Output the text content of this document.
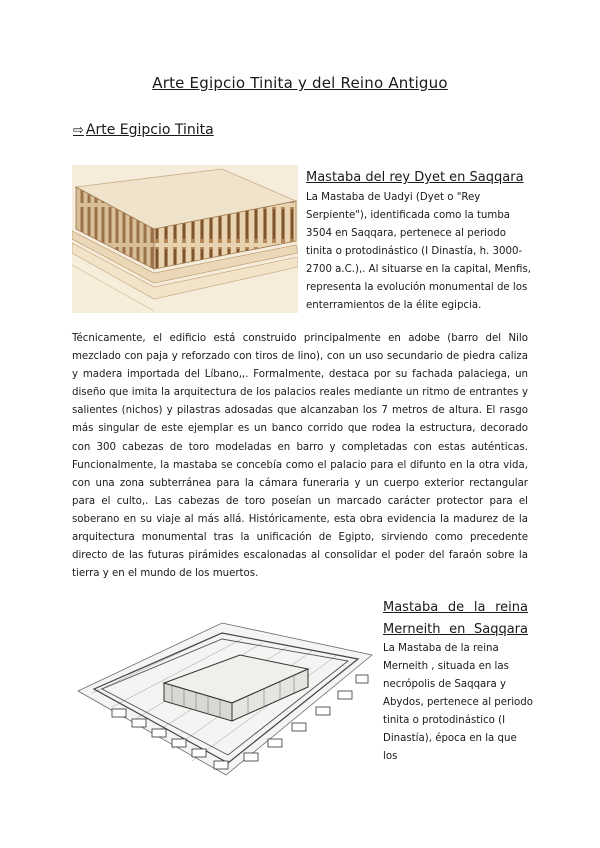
Arte Egipcio Tinita y del Reino Antiguo
⇨ Arte Egipcio Tinita
Mastaba del rey Dyet en Saqqara

La Mastaba de Uadyi (Dyet o "Rey Serpiente"), identificada como la tumba 3504 en Saqqara, pertenece al periodo tinita o protodinástico (I Dinastía, h. 3000-2700 a.C.),. Al situarse en la capital, Menfis, representa la evolución monumental de los enterramientos de la élite egipcia.

Técnicamente, el edificio está construido principalmente en adobe (barro del Nilo mezclado con paja y reforzado con tiros de lino), con un uso secundario de piedra caliza y madera importada del Líbano,,. Formalmente, destaca por su fachada palaciega, un diseño que imita la arquitectura de los palacios reales mediante un ritmo de entrantes y salientes (nichos) y pilastras adosadas que alcanzaban los 7 metros de altura. El rasgo más singular de este ejemplar es un banco corrido que rodea la estructura, decorado con 300 cabezas de toro modeladas en barro y completadas con estas auténticas. Funcionalmente, la mastaba se concebía como el palacio para el difunto en la otra vida, con una zona subterránea para la cámara funeraria y un cuerpo exterior rectangular para el culto,. Las cabezas de toro poseían un marcado carácter protector para el soberano en su viaje al más allá. Históricamente, esta obra evidencia la madurez de la arquitectura monumental tras la unificación de Egipto, sirviendo como precedente directo de las futuras pirámides escalonadas al consolidar el poder del faraón sobre la tierra y en el mundo de los muertos.

Mastaba de la reina Merneith en Saqqara

La Mastaba de la reina Merneith , situada en las necrópolis de Saqqara y Abydos, pertenece al periodo tinita o protodinástico (I Dinastía), época en la que los
